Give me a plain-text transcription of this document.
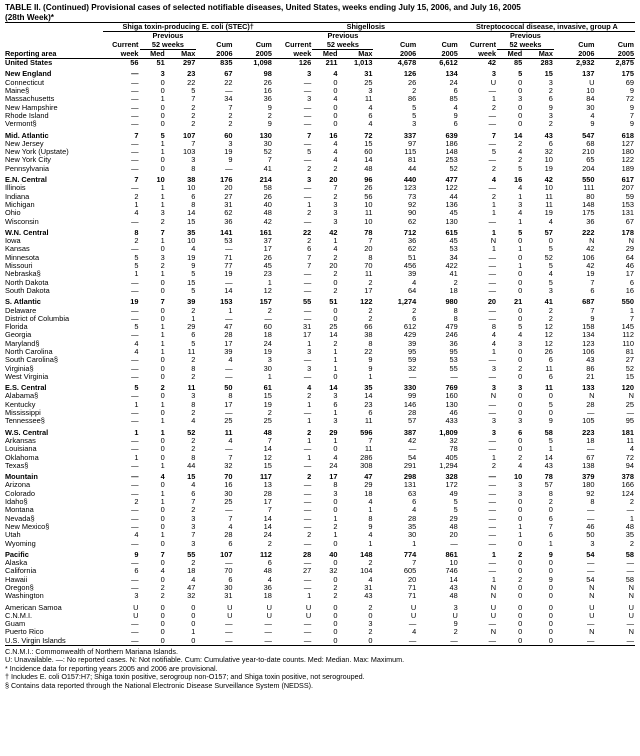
TABLE II. (Continued) Provisional cases of selected notifiable diseases, United States, weeks ending July 15, 2006, and July 16, 2005
(28th Week)*
	Shiga toxin-producing E. coli (STEC)†					Shigellosis					Streptococcal disease, invasive, group A				
		Previous					Previous					Previous			
	Current	52 weeks		Cum	Cum	Current	52 weeks		Cum	Cum	Current	52 weeks		Cum	Cum
Reporting area	week	Med	Max	2006	2005	week	Med	Max	2006	2005	week	Med	Max	2006	2005
United States	56	51	297	835	1,098	126	211	1,013	4,678	6,612	42	85	283	2,932	2,875
New England	—	3	23	67	98	3	4	31	126	134	3	5	15	137	175
Connecticut	—	0	22	22	26	—	0	25	26	24	U	0	3	U	69
Maine§	—	0	5	—	16	—	0	3	2	6	—	0	2	10	9
Massachusetts	—	1	7	34	36	3	4	11	86	85	1	3	6	84	72
New Hampshire	—	0	2	7	9	—	0	4	5	4	2	0	9	30	9
Rhode Island	—	0	2	2	2	—	0	6	5	9	—	0	3	4	7
Vermont§	—	0	2	2	9	—	0	4	3	6	—	0	2	9	9
Mid. Atlantic	7	5	107	60	130	7	16	72	337	639	7	14	43	547	618
New Jersey	—	1	7	3	30	—	4	15	97	186	—	2	6	68	127
New York (Upstate)	—	1	103	19	52	5	4	60	115	148	5	4	32	210	180
New York City	—	0	3	9	7	—	4	14	81	253	—	2	10	65	122
Pennsylvania	—	0	8	—	41	2	2	48	44	52	2	5	19	204	189
E.N. Central	7	10	38	176	214	3	20	96	440	477	4	16	42	550	617
Illinois	—	1	10	20	58	—	7	26	123	122	—	4	10	111	207
Indiana	2	1	6	27	26	—	2	56	73	44	2	1	11	80	59
Michigan	1	1	8	31	40	1	3	10	92	136	1	3	11	148	153
Ohio	4	3	14	62	48	2	3	11	90	45	1	4	19	175	131
Wisconsin	—	2	15	36	42	—	3	10	62	130	—	1	4	36	67
W.N. Central	8	7	35	141	161	22	42	78	712	615	1	5	57	222	178
Iowa	2	1	10	53	37	2	1	7	36	45	N	0	0	N	N
Kansas	—	0	4	—	17	6	4	20	62	53	1	1	5	42	29
Minnesota	5	3	19	71	26	7	2	8	51	34	—	0	52	106	64
Missouri	5	2	9	77	45	7	20	70	456	422	—	1	5	42	46
Nebraska§	1	1	5	19	23	—	2	11	39	41	—	0	4	19	17
North Dakota	—	0	15	—	1	—	0	2	4	2	—	0	5	7	6
South Dakota	—	0	5	14	12	—	2	17	64	18	—	0	3	6	16
S. Atlantic	19	7	39	153	157	55	51	122	1,274	980	20	21	41	687	550
Delaware	—	0	2	1	2	—	0	2	2	8	—	0	2	7	1
District of Columbia	—	0	1	—	—	—	0	2	6	8	—	0	2	9	7
Florida	5	1	29	47	60	31	25	66	612	479	8	5	12	158	145
Georgia	—	1	6	28	18	17	14	38	429	246	4	4	12	134	112
Maryland§	4	1	5	17	24	1	2	8	39	36	4	3	12	123	110
North Carolina	4	1	11	39	19	3	1	22	95	95	1	0	26	106	81
South Carolina§	—	0	2	4	3	—	1	9	59	53	—	0	6	43	27
Virginia§	—	0	8	—	30	3	1	9	32	55	3	2	11	86	52
West Virginia	—	0	2	—	1	—	0	1	—	—	—	0	6	21	15
E.S. Central	5	2	11	50	61	4	14	35	330	769	3	3	11	133	120
Alabama§	—	0	3	8	15	2	3	14	99	160	N	0	0	N	N
Kentucky	1	1	8	17	19	1	6	23	146	130	—	0	5	28	25
Mississippi	—	0	2	—	2	—	1	6	28	46	—	0	0	—	—
Tennessee§	—	1	4	25	25	1	3	11	57	433	3	3	9	105	95
W.S. Central	1	1	52	11	48	2	29	596	387	1,809	3	6	58	223	181
Arkansas	—	0	2	4	7	1	1	7	42	32	—	0	5	18	11
Louisiana	—	0	2	—	14	—	0	11	—	78	—	0	1	—	4
Oklahoma	1	0	8	7	12	1	4	286	54	405	1	2	14	67	72
Texas§	—	1	44	32	15	—	24	308	291	1,294	2	4	43	138	94
Mountain	—	4	15	70	117	2	17	47	298	328	—	10	78	379	378
Arizona	—	0	4	16	13	—	8	29	131	172	—	3	57	180	166
Colorado	—	1	6	30	28	—	3	18	63	49	—	3	8	92	124
Idaho§	2	1	7	25	17	—	0	4	6	5	—	0	2	8	2
Montana	—	0	2	—	7	—	0	1	4	5	—	0	0	—	—
Nevada§	—	0	3	7	14	—	1	8	28	29	—	0	6	—	1
New Mexico§	—	0	3	4	14	—	2	9	35	48	—	1	7	46	48
Utah	4	1	7	28	24	2	1	4	30	20	—	1	6	50	35
Wyoming	—	0	3	6	2	—	0	1	1	—	—	0	1	3	2
Pacific	9	7	55	107	112	28	40	148	774	861	1	2	9	54	58
Alaska	—	0	2	—	6	—	0	2	7	10	—	0	0	—	—
California	6	4	18	70	48	27	32	104	605	746	—	0	0	—	—
Hawaii	—	0	4	6	4	—	0	4	20	14	1	2	9	54	58
Oregon§	—	2	47	30	36	—	2	31	71	43	N	0	0	N	N
Washington	3	2	32	31	18	1	2	43	71	48	N	0	0	N	N
American Samoa	U	0	0	U	U	U	0	2	U	3	U	0	0	U	U
C.N.M.I.	U	0	0	U	U	U	0	0	U	U	U	0	0	U	U
Guam	—	0	0	—	—	—	0	3	—	9	—	0	0	—	—
Puerto Rico	—	0	1	—	—	—	0	2	4	2	N	0	0	N	N
U.S. Virgin Islands	—	0	0	—	—	—	0	0	—	—	—	0	0	—	—
C.N.M.I.: Commonwealth of Northern Mariana Islands.
U: Unavailable. —: No reported cases. N: Not notifiable. Cum: Cumulative year-to-date counts. Med: Median. Max: Maximum.
* Incidence data for reporting years 2005 and 2006 are provisional.
† Includes E. coli O157:H7; Shiga toxin positive, serogroup non-O157; and Shiga toxin positive, not serogrouped.
§ Contains data reported through the National Electronic Disease Surveillance System (NEDSS).
